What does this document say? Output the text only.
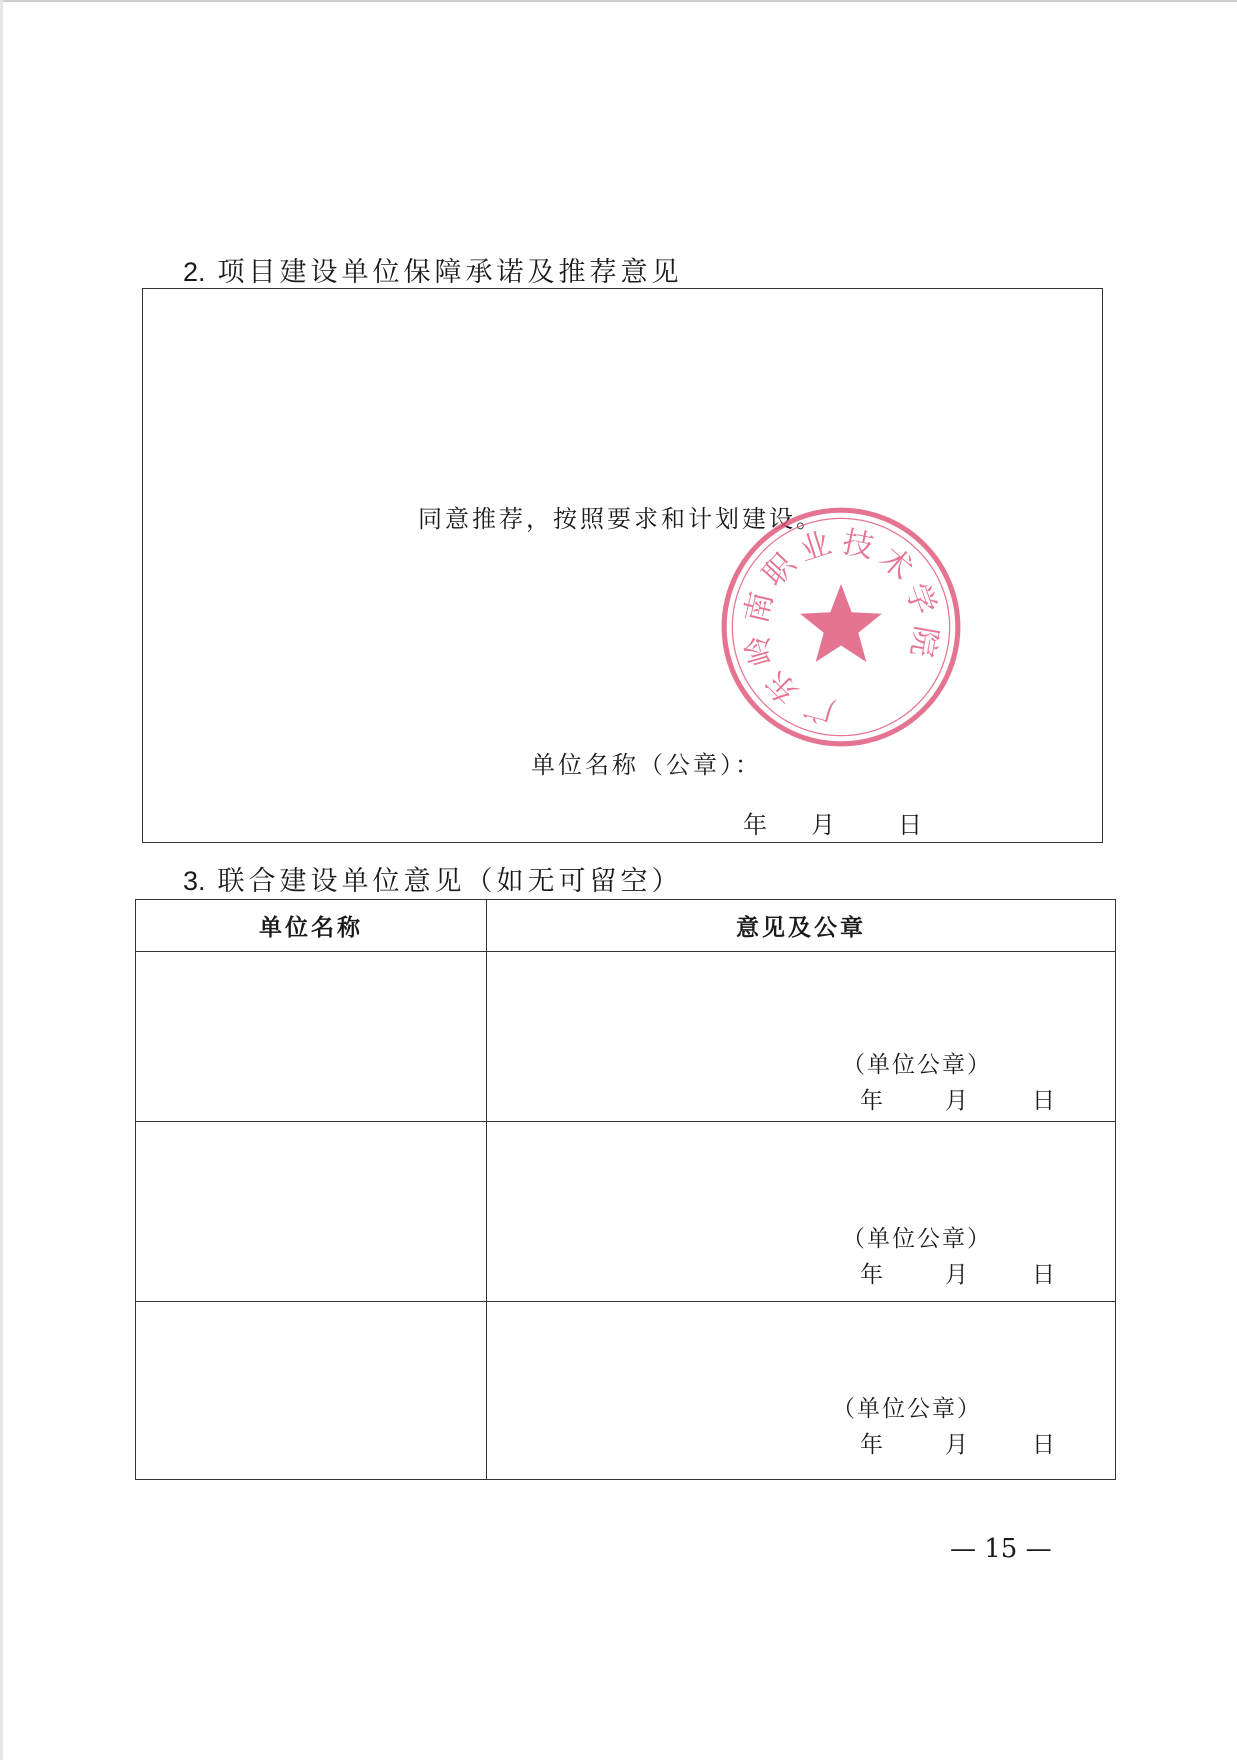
2. 项目建设单位保障承诺及推荐意见
同意推荐，按照要求和计划建设。
单位名称（公章）：
年 月	日
广
东
岭
南
职
业 技
术
学
院
3. 联合建设单位意见（如无可留空）
单位名称	意见及公章

	（单位公章）
年 月 日

	（单位公章）
年 月 日

	（单位公章）
年 月 日
— 15 —
